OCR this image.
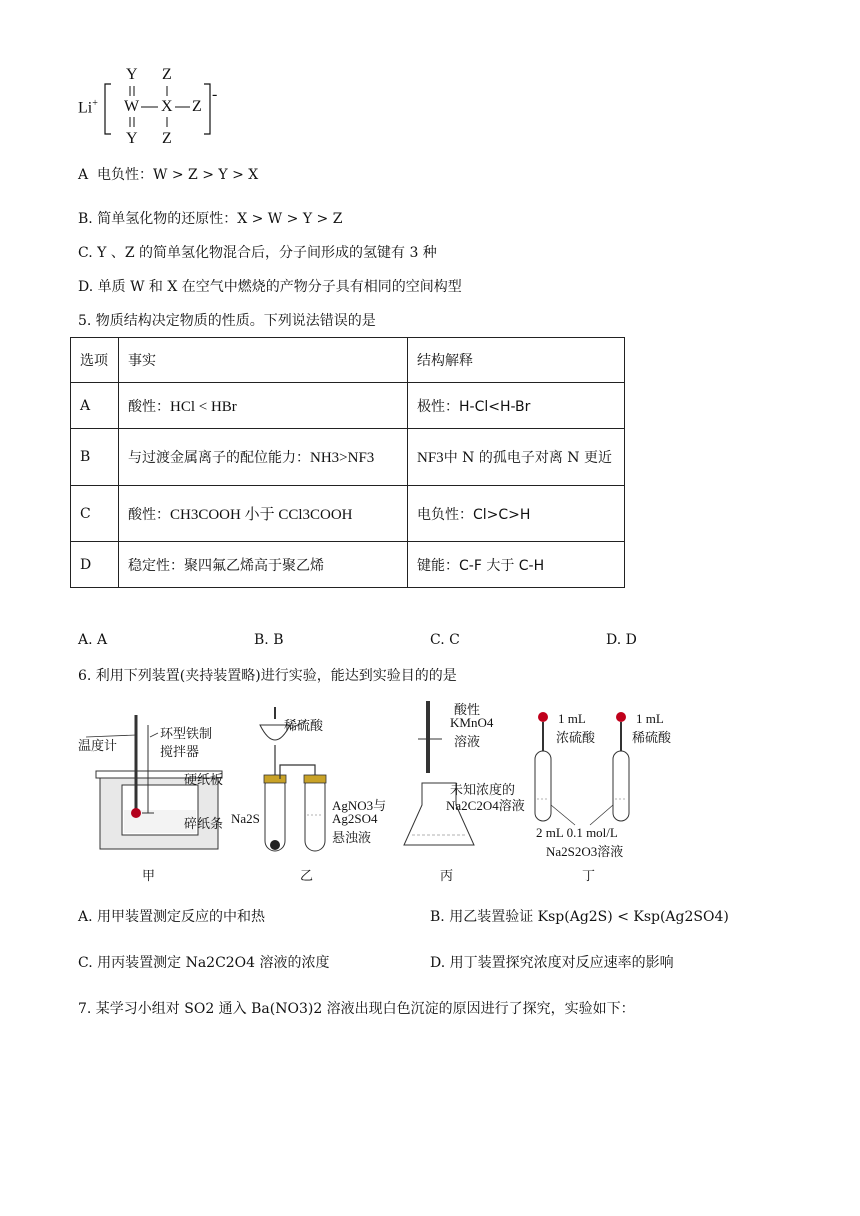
Li+
Y Z
W X Z
-
Y Z
A 电负性：W > Z > Y > X
B. 简单氢化物的还原性：X > W > Y > Z
C. Y 、Z 的简单氢化物混合后，分子间形成的氢键有 3 种
D. 单质 W 和 X 在空气中燃烧的产物分子具有相同的空间构型
5. 物质结构决定物质的性质。下列说法错误的是
选项	事实	结构解释
A	酸性：HCl < HBr	极性：H-Cl<H-Br
B	与过渡金属离子的配位能力：NH3>NF3	NF3中 N 的孤电子对离 N 更近
C	酸性：CH3COOH 小于 CCl3COOH	电负性：Cl>C>H
D	稳定性：聚四氟乙烯高于聚乙烯	键能：C-F 大于 C-H
A. A	B. B	C. C	D. D
6. 利用下列装置(夹持装置略)进行实验，能达到实验目的的是
温度计
环型铁制
搅拌器
硬纸板
碎纸条
甲
稀硫酸
Na2S
AgNO3与
Ag2SO4
悬浊液
乙
酸性
KMnO4
溶液
未知浓度的
Na2C2O4溶液
丙
1 mL
浓硫酸
1 mL
稀硫酸
2 mL 0.1 mol/L
Na2S2O3溶液
丁
A. 用甲装置测定反应的中和热	B. 用乙装置验证 Ksp(Ag2S) < Ksp(Ag2SO4)
C. 用丙装置测定 Na2C2O4 溶液的浓度	D. 用丁装置探究浓度对反应速率的影响
7. 某学习小组对 SO2 通入 Ba(NO3)2 溶液出现白色沉淀的原因进行了探究，实验如下：
